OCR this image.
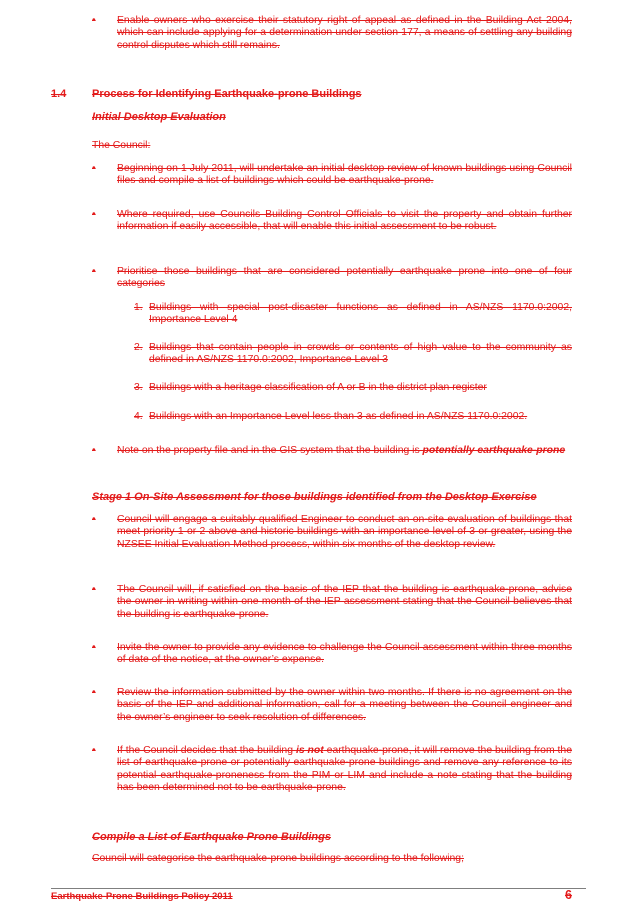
•	Enable owners who exercise their statutory right of appeal as defined in the Building Act 2004, which can include applying for a determination under section 177, a means of settling any building control disputes which still remains.
1.4 Process for Identifying Earthquake-prone Buildings
Initial Desktop Evaluation
The Council:
•	Beginning on 1 July 2011, will undertake an initial desktop review of known buildings using Council files and compile a list of buildings which could be earthquake-prone.
•	Where required, use Councils Building Control Officials to visit the property and obtain further information if easily accessible, that will enable this initial assessment to be robust.
•	Prioritise those buildings that are considered potentially earthquake prone into one of four categories
1. Buildings with special post-disaster functions as defined in AS/NZS 1170.0:2002, Importance Level 4
2. Buildings that contain people in crowds or contents of high value to the community as defined in AS/NZS 1170.0:2002, Importance Level 3
3. Buildings with a heritage classification of A or B in the district plan register
4. Buildings with an Importance Level less than 3 as defined in AS/NZS 1170.0:2002.
•	Note on the property file and in the GIS system that the building is potentially earthquake-prone
Stage 1 On-Site Assessment for those buildings identified from the Desktop Exercise
•	Council will engage a suitably qualified Engineer to conduct an on-site evaluation of buildings that meet priority 1 or 2 above and historic buildings with an importance level of 3 or greater, using the NZSEE Initial Evaluation Method process, within six months of the desktop review.
•	The Council will, if satisfied on the basis of the IEP that the building is earthquake-prone, advise the owner in writing within one month of the IEP assessment stating that the Council believes that the building is earthquake-prone.
•	Invite the owner to provide any evidence to challenge the Council assessment within three months of date of the notice, at the owner’s expense.
•	Review the information submitted by the owner within two months. If there is no agreement on the basis of the IEP and additional information, call for a meeting between the Council engineer and the owner’s engineer to seek resolution of differences.
•	If the Council decides that the building is not earthquake-prone, it will remove the building from the list of earthquake-prone or potentially earthquake-prone buildings and remove any reference to its potential earthquake-proneness from the PIM or LIM and include a note stating that the building has been determined not to be earthquake-prone.
Compile a List of Earthquake Prone Buildings
Council will categorise the earthquake-prone buildings according to the following;
Earthquake-Prone Buildings Policy 2011	6
